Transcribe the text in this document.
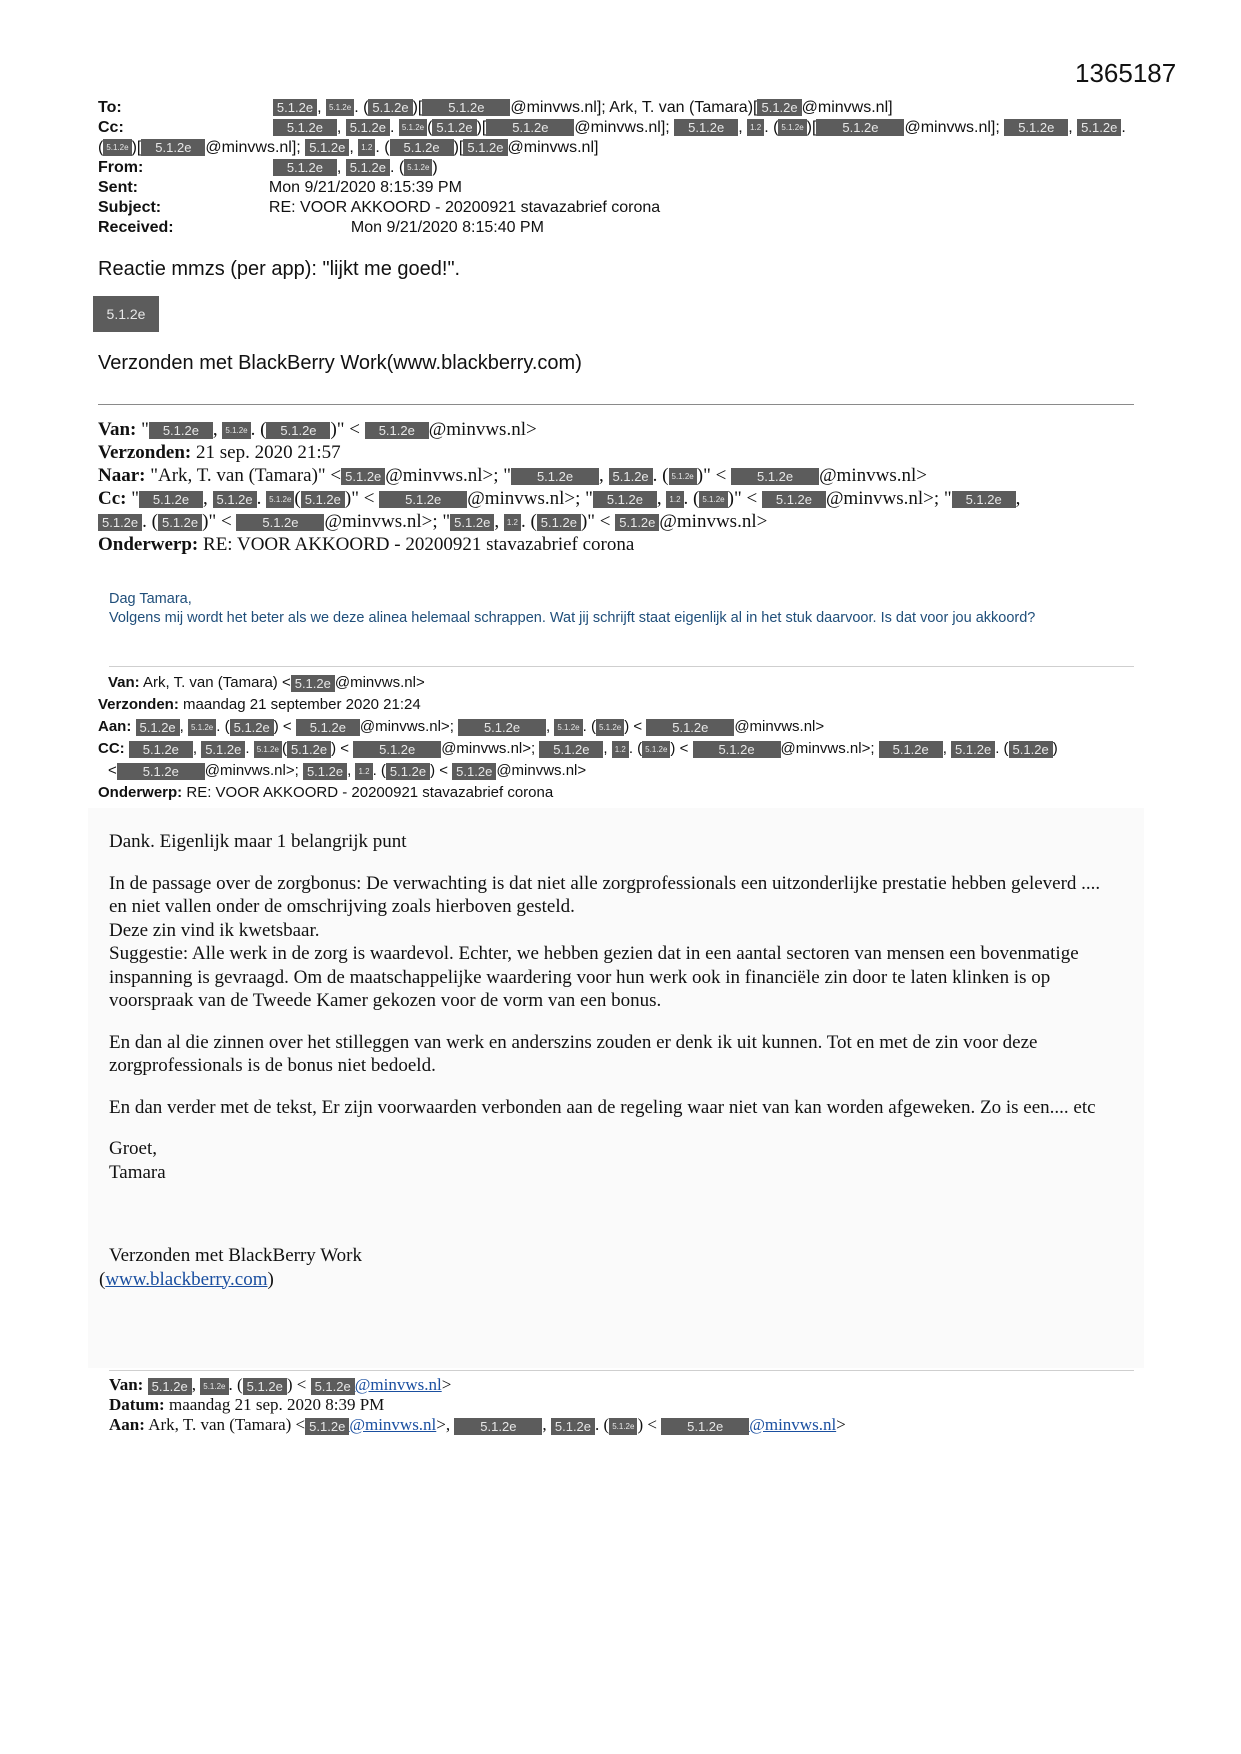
1365187
To:	5.1.2e , 5.1.2e . ( 5.1.2e )[ 5.1.2e @minvws.nl]; Ark, T. van (Tamara)[ 5.1.2e @minvws.nl]
Cc:	5.1.2e , 5.1.2e . 5.1.2e ( 5.1.2e )[ 5.1.2e @minvws.nl]; 5.1.2e , 1.2 . ( 5.1.2e )[ 5.1.2e @minvws.nl]; 5.1.2e , 5.1.2e .
( 5.1.2e )[ 5.1.2e @minvws.nl]; 5.1.2e , 1.2 . ( 5.1.2e )[ 5.1.2e @minvws.nl]
From:	5.1.2e , 5.1.2e . ( 5.1.2e )
Sent:	Mon 9/21/2020 8:15:39 PM
Subject:	RE: VOOR AKKOORD - 20200921 stavazabrief corona
Received:	Mon 9/21/2020 8:15:40 PM
Reactie mmzs (per app): "lijkt me goed!".
5.1.2e
Verzonden met BlackBerry Work(www.blackberry.com)
Van: " 5.1.2e , 5.1.2e . ( 5.1.2e )" < 5.1.2e @minvws.nl>
Verzonden: 21 sep. 2020 21:57
Naar: "Ark, T. van (Tamara)" < 5.1.2e @minvws.nl>; " 5.1.2e , 5.1.2e . ( 5.1.2e )" < 5.1.2e @minvws.nl>
Cc: " 5.1.2e , 5.1.2e . 5.1.2e ( 5.1.2e )" < 5.1.2e @minvws.nl>; " 5.1.2e , 1.2 . ( 5.1.2e )" < 5.1.2e @minvws.nl>; " 5.1.2e ,
5.1.2e . ( 5.1.2e )" < 5.1.2e @minvws.nl>; " 5.1.2e , 1.2 . ( 5.1.2e )" < 5.1.2e @minvws.nl>
Onderwerp: RE: VOOR AKKOORD - 20200921 stavazabrief corona
Dag Tamara,
Volgens mij wordt het beter als we deze alinea helemaal schrappen. Wat jij schrijft staat eigenlijk al in het stuk daarvoor. Is dat voor jou akkoord?
Van: Ark, T. van (Tamara) < 5.1.2e @minvws.nl>
Verzonden: maandag 21 september 2020 21:24
Aan: 5.1.2e , 5.1.2e . ( 5.1.2e ) < 5.1.2e @minvws.nl>; 5.1.2e , 5.1.2e . ( 5.1.2e ) < 5.1.2e @minvws.nl>
CC: 5.1.2e , 5.1.2e . 5.1.2e ( 5.1.2e ) < 5.1.2e @minvws.nl>; 5.1.2e , 1.2 . ( 5.1.2e ) < 5.1.2e @minvws.nl>; 5.1.2e , 5.1.2e . ( 5.1.2e )
< 5.1.2e @minvws.nl>; 5.1.2e , 1.2 . ( 5.1.2e ) < 5.1.2e @minvws.nl>
Onderwerp: RE: VOOR AKKOORD - 20200921 stavazabrief corona

Dank. Eigenlijk maar 1 belangrijk punt

In de passage over de zorgbonus: De verwachting is dat niet alle zorgprofessionals een uitzonderlijke prestatie hebben geleverd .... en niet vallen onder de omschrijving zoals hierboven gesteld.

Deze zin vind ik kwetsbaar.

Suggestie: Alle werk in de zorg is waardevol. Echter, we hebben gezien dat in een aantal sectoren van mensen een bovenmatige inspanning is gevraagd. Om de maatschappelijke waardering voor hun werk ook in financiële zin door te laten klinken is op voorspraak van de Tweede Kamer gekozen voor de vorm van een bonus.

En dan al die zinnen over het stilleggen van werk en anderszins zouden er denk ik uit kunnen. Tot en met de zin voor deze zorgprofessionals is de bonus niet bedoeld.

En dan verder met de tekst, Er zijn voorwaarden verbonden aan de regeling waar niet van kan worden afgeweken. Zo is een.... etc

Groet,

Tamara

Verzonden met BlackBerry Work

(www.blackberry.com)

Van: 5.1.2e , 5.1.2e . ( 5.1.2e ) < 5.1.2e @minvws.nl>
Datum: maandag 21 sep. 2020 8:39 PM
Aan: Ark, T. van (Tamara) < 5.1.2e @minvws.nl>, 5.1.2e , 5.1.2e . ( 5.1.2e ) < 5.1.2e @minvws.nl>
